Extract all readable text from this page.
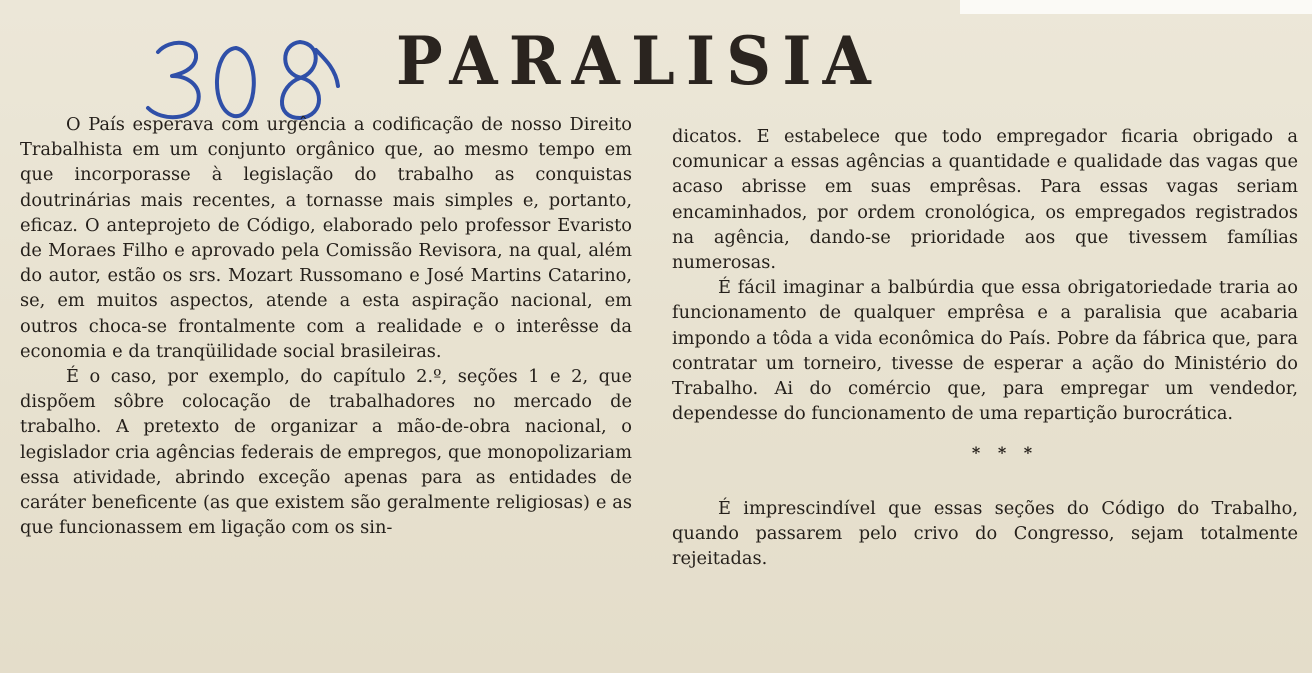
PARALISIA

O País esperava com urgência a codificação de nosso Direito Trabalhista em um conjunto orgânico que, ao mesmo tempo em que incorporasse à legislação do trabalho as conquistas doutrinárias mais recentes, a tornasse mais simples e, portanto, eficaz. O anteprojeto de Código, elaborado pelo professor Evaristo de Moraes Filho e aprovado pela Comissão Revisora, na qual, além do autor, estão os srs. Mozart Russomano e José Martins Catarino, se, em muitos aspectos, atende a esta aspiração nacional, em outros choca-se frontalmente com a realidade e o interêsse da economia e da tranqüilidade social brasileiras.

É o caso, por exemplo, do capítulo 2.º, seções 1 e 2, que dispõem sôbre colocação de trabalhadores no mercado de trabalho. A pretexto de organizar a mão-de-obra nacional, o legislador cria agências federais de empregos, que monopolizariam essa atividade, abrindo exceção apenas para as entidades de caráter beneficente (as que existem são geralmente religiosas) e as que funcionassem em ligação com os sin-

dicatos. E estabelece que todo empregador ficaria obrigado a comunicar a essas agências a quantidade e qualidade das vagas que acaso abrisse em suas emprêsas. Para essas vagas seriam encaminhados, por ordem cronológica, os empregados registrados na agência, dando-se prioridade aos que tivessem famílias numerosas.

É fácil imaginar a balbúrdia que essa obrigatoriedade traria ao funcionamento de qualquer emprêsa e a paralisia que acabaria impondo a tôda a vida econômica do País. Pobre da fábrica que, para contratar um torneiro, tivesse de esperar a ação do Ministério do Trabalho. Ai do comércio que, para empregar um vendedor, dependesse do funcionamento de uma repartição burocrática.

* * *

É imprescindível que essas seções do Código do Trabalho, quando passarem pelo crivo do Congresso, sejam totalmente rejeitadas.
